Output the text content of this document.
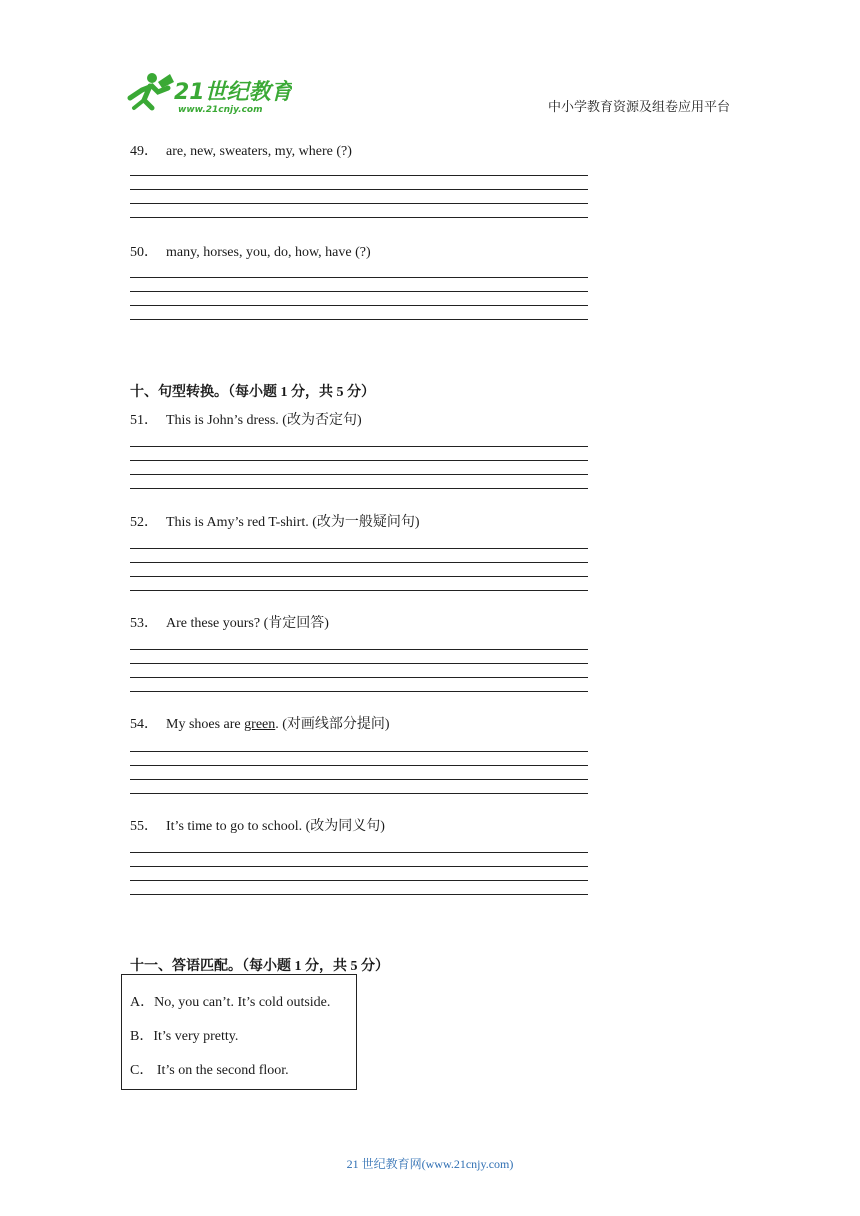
21世纪教育
www.21cnjy.com	中小学教育资源及组卷应用平台
49． are, new, sweaters, my, where (?)
50． many, horses, you, do, how, have (?)
十、句型转换。（每小题 1 分，共 5 分）
51． This is John’s dress. (改为否定句)
52． This is Amy’s red T-shirt. (改为一般疑问句)
53． Are these yours? (肯定回答)
54． My shoes are green. (对画线部分提问)
55． It’s time to go to school. (改为同义句)
十一、答语匹配。（每小题 1 分，共 5 分）
A．No, you can’t. It’s cold outside.
B．It’s very pretty.
C． It’s on the second floor.
21 世纪教育网(www.21cnjy.com)
